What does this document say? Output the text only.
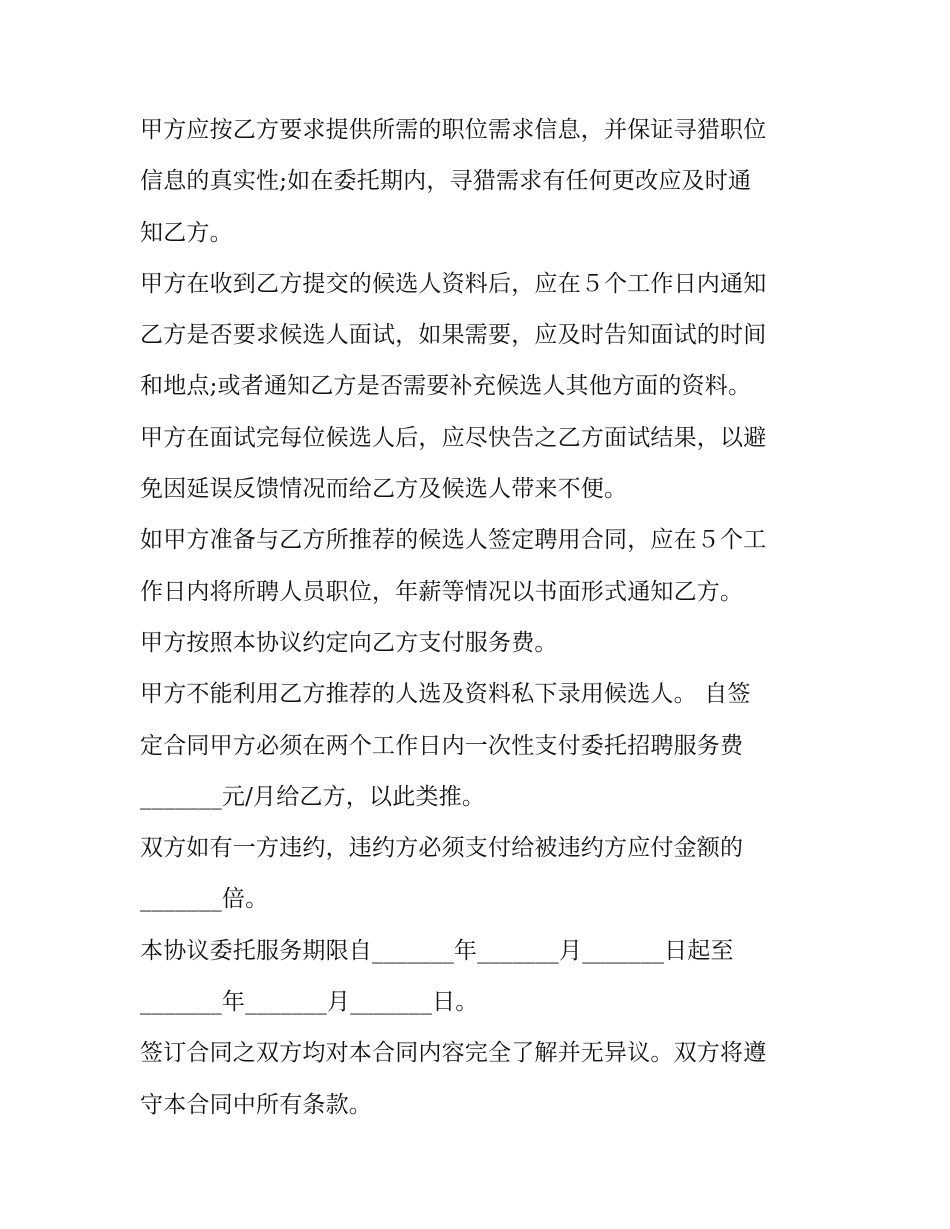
甲方应按乙方要求提供所需的职位需求信息，并保证寻猎职位
信息的真实性;如在委托期内，寻猎需求有任何更改应及时通
知乙方。
甲方在收到乙方提交的候选人资料后，应在５个工作日内通知
乙方是否要求候选人面试，如果需要，应及时告知面试的时间
和地点;或者通知乙方是否需要补充候选人其他方面的资料。
甲方在面试完每位候选人后，应尽快告之乙方面试结果，以避
免因延误反馈情况而给乙方及候选人带来不便。
如甲方准备与乙方所推荐的候选人签定聘用合同，应在５个工
作日内将所聘人员职位，年薪等情况以书面形式通知乙方。
甲方按照本协议约定向乙方支付服务费。
甲方不能利用乙方推荐的人选及资料私下录用候选人。 自签
定合同甲方必须在两个工作日内一次性支付委托招聘服务费
_______元/月给乙方，以此类推。
双方如有一方违约，违约方必须支付给被违约方应付金额的
_______倍。
本协议委托服务期限自_______年_______月_______日起至
_______年_______月_______日。
签订合同之双方均对本合同内容完全了解并无异议。双方将遵
守本合同中所有条款。
